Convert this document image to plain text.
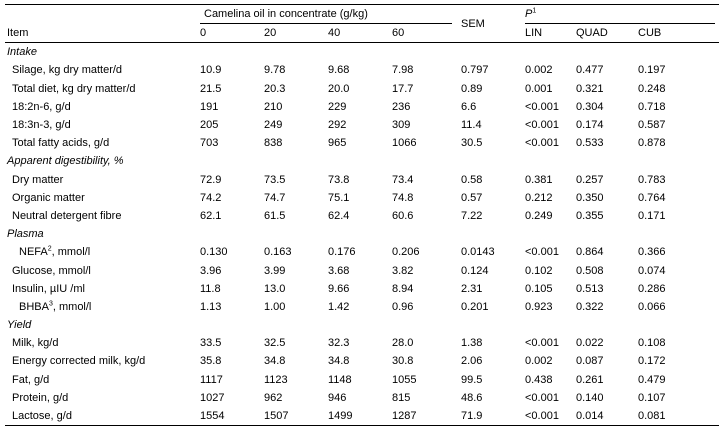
	Camelina oil in concentrate (g/kg)				SEM	$P^1$
Item	0	20	40	60		LIN	QUAD	CUB
Intake								
Silage, kg dry matter/d	10.9	9.78	9.68	7.98	0.797	0.002	0.477	0.197
Total diet, kg dry matter/d	21.5	20.3	20.0	17.7	0.89	0.001	0.321	0.248
18:2n-6, g/d	191	210	229	236	6.6	<0.001	0.304	0.718
18:3n-3, g/d	205	249	292	309	11.4	<0.001	0.174	0.587
Total fatty acids, g/d	703	838	965	1066	30.5	<0.001	0.533	0.878
Apparent digestibility, %								
Dry matter	72.9	73.5	73.8	73.4	0.58	0.381	0.257	0.783
Organic matter	74.2	74.7	75.1	74.8	0.57	0.212	0.350	0.764
Neutral detergent fibre	62.1	61.5	62.4	60.6	7.22	0.249	0.355	0.171
Plasma								
NEFA$^2$, mmol/l	0.130	0.163	0.176	0.206	0.0143	<0.001	0.864	0.366
Glucose, mmol/l	3.96	3.99	3.68	3.82	0.124	0.102	0.508	0.074
Insulin, µIU /ml	11.8	13.0	9.66	8.94	2.31	0.105	0.513	0.286
BHBA$^3$, mmol/l	1.13	1.00	1.42	0.96	0.201	0.923	0.322	0.066
Yield								
Milk, kg/d	33.5	32.5	32.3	28.0	1.38	<0.001	0.022	0.108
Energy corrected milk, kg/d	35.8	34.8	34.8	30.8	2.06	0.002	0.087	0.172
Fat, g/d	1117	1123	1148	1055	99.5	0.438	0.261	0.479
Protein, g/d	1027	962	946	815	48.6	<0.001	0.140	0.107
Lactose, g/d	1554	1507	1499	1287	71.9	<0.001	0.014	0.081
